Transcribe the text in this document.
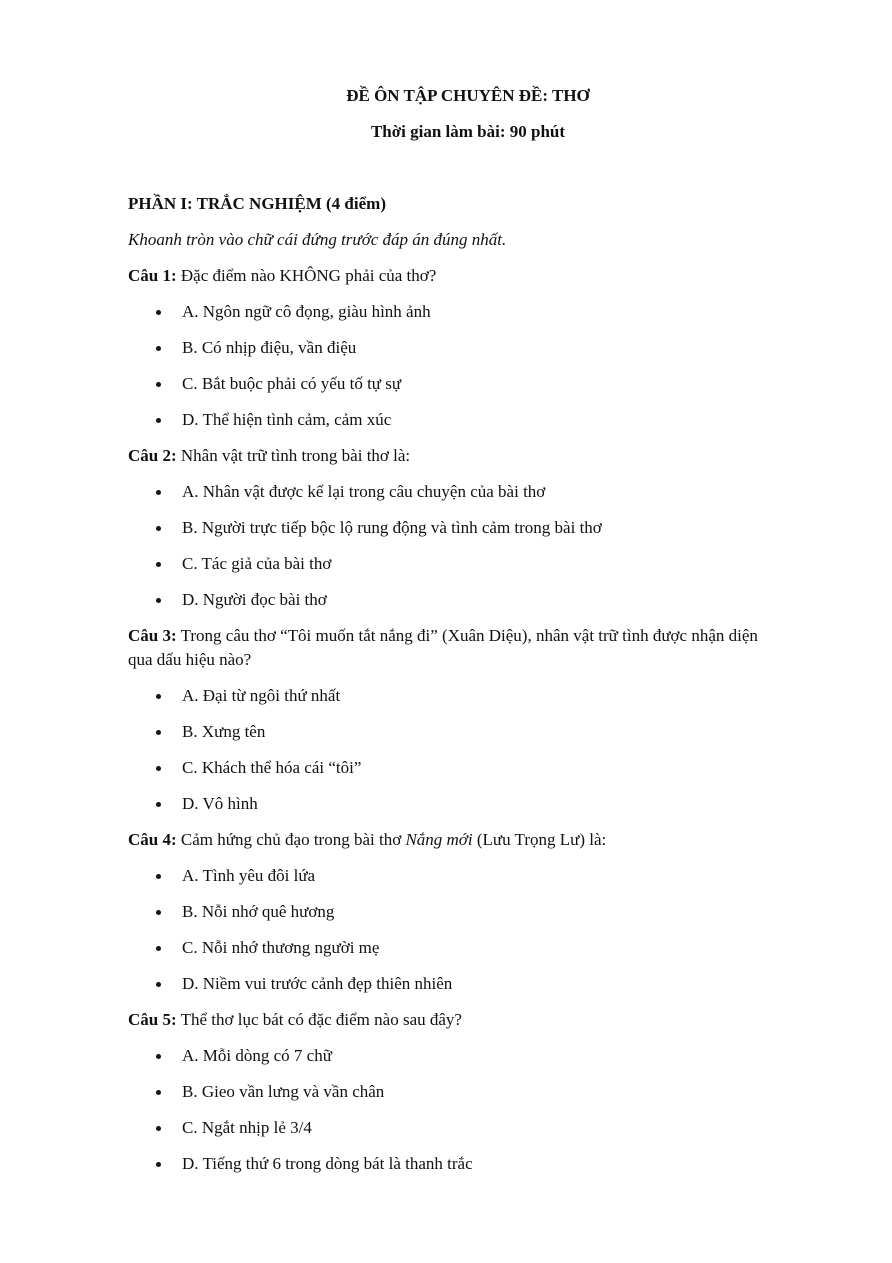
ĐỀ ÔN TẬP CHUYÊN ĐỀ: THƠ
Thời gian làm bài: 90 phút
PHẦN I: TRẮC NGHIỆM (4 điểm)
Khoanh tròn vào chữ cái đứng trước đáp án đúng nhất.
Câu 1: Đặc điểm nào KHÔNG phải của thơ?
A. Ngôn ngữ cô đọng, giàu hình ảnh
B. Có nhịp điệu, vần điệu
C. Bắt buộc phải có yếu tố tự sự
D. Thể hiện tình cảm, cảm xúc
Câu 2: Nhân vật trữ tình trong bài thơ là:
A. Nhân vật được kể lại trong câu chuyện của bài thơ
B. Người trực tiếp bộc lộ rung động và tình cảm trong bài thơ
C. Tác giả của bài thơ
D. Người đọc bài thơ
Câu 3: Trong câu thơ “Tôi muốn tắt nắng đi” (Xuân Diệu), nhân vật trữ tình được nhận diện
qua dấu hiệu nào?
A. Đại từ ngôi thứ nhất
B. Xưng tên
C. Khách thể hóa cái “tôi”
D. Vô hình
Câu 4: Cảm hứng chủ đạo trong bài thơ Nắng mới (Lưu Trọng Lư) là:
A. Tình yêu đôi lứa
B. Nỗi nhớ quê hương
C. Nỗi nhớ thương người mẹ
D. Niềm vui trước cảnh đẹp thiên nhiên
Câu 5: Thể thơ lục bát có đặc điểm nào sau đây?
A. Mỗi dòng có 7 chữ
B. Gieo vần lưng và vần chân
C. Ngắt nhịp lẻ 3/4
D. Tiếng thứ 6 trong dòng bát là thanh trắc
